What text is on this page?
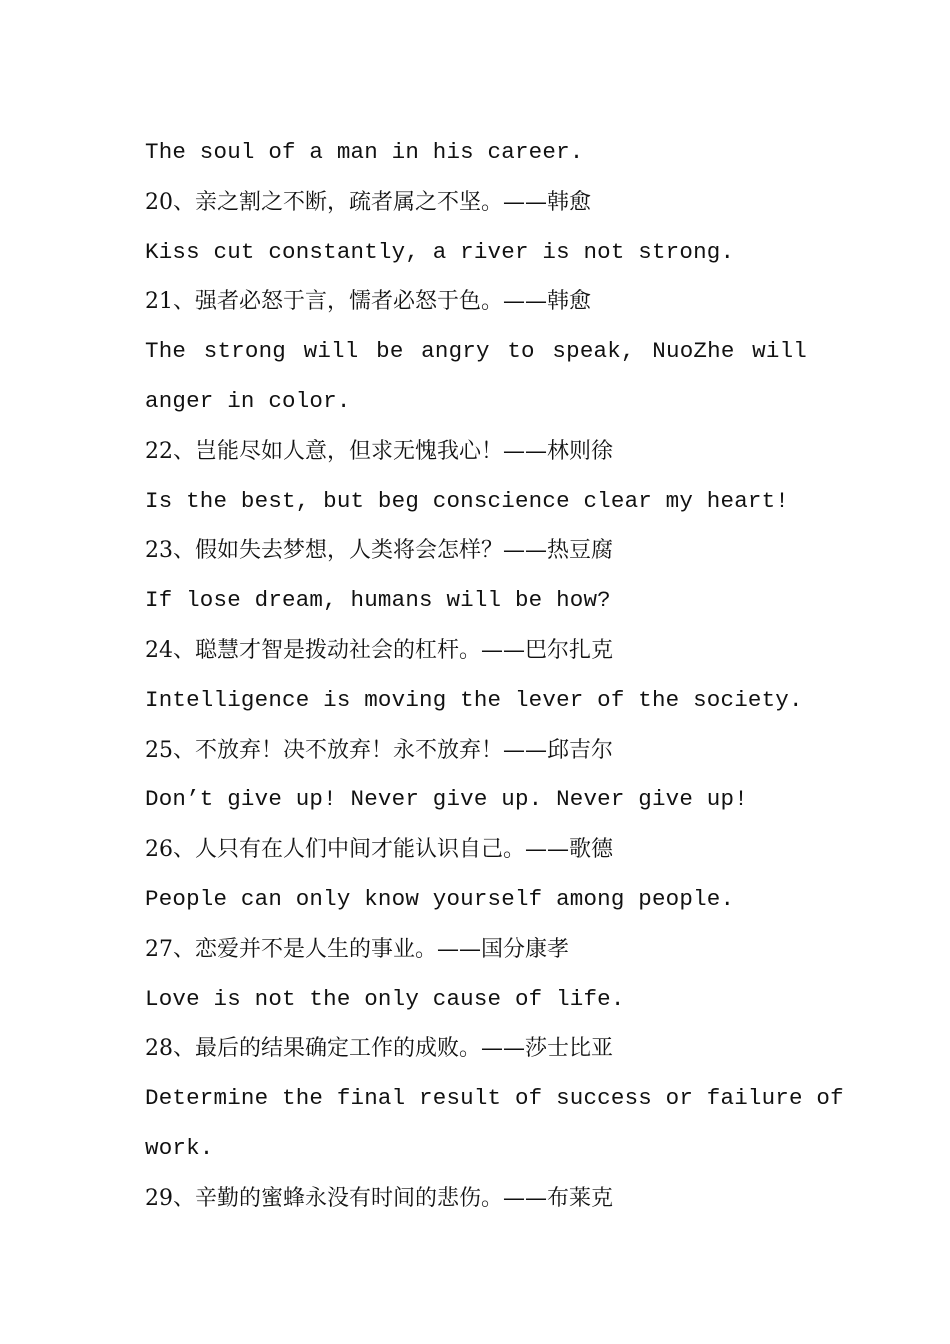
The soul of a man in his career.
20、亲之割之不断，疏者属之不坚。——韩愈
Kiss cut constantly, a river is not strong.
21、强者必怒于言，懦者必怒于色。——韩愈
The strong will be angry to speak, NuoZhe will
anger in color.
22、岂能尽如人意，但求无愧我心！——林则徐
Is the best, but beg conscience clear my heart!
23、假如失去梦想，人类将会怎样？——热豆腐
If lose dream, humans will be how?
24、聪慧才智是拨动社会的杠杆。——巴尔扎克
Intelligence is moving the lever of the society.
25、不放弃！决不放弃！永不放弃！——邱吉尔
Don’t give up! Never give up. Never give up!
26、人只有在人们中间才能认识自己。——歌德
People can only know yourself among people.
27、恋爱并不是人生的事业。——国分康孝
Love is not the only cause of life.
28、最后的结果确定工作的成败。——莎士比亚
Determine the final result of success or failure of
work.
29、辛勤的蜜蜂永没有时间的悲伤。——布莱克
